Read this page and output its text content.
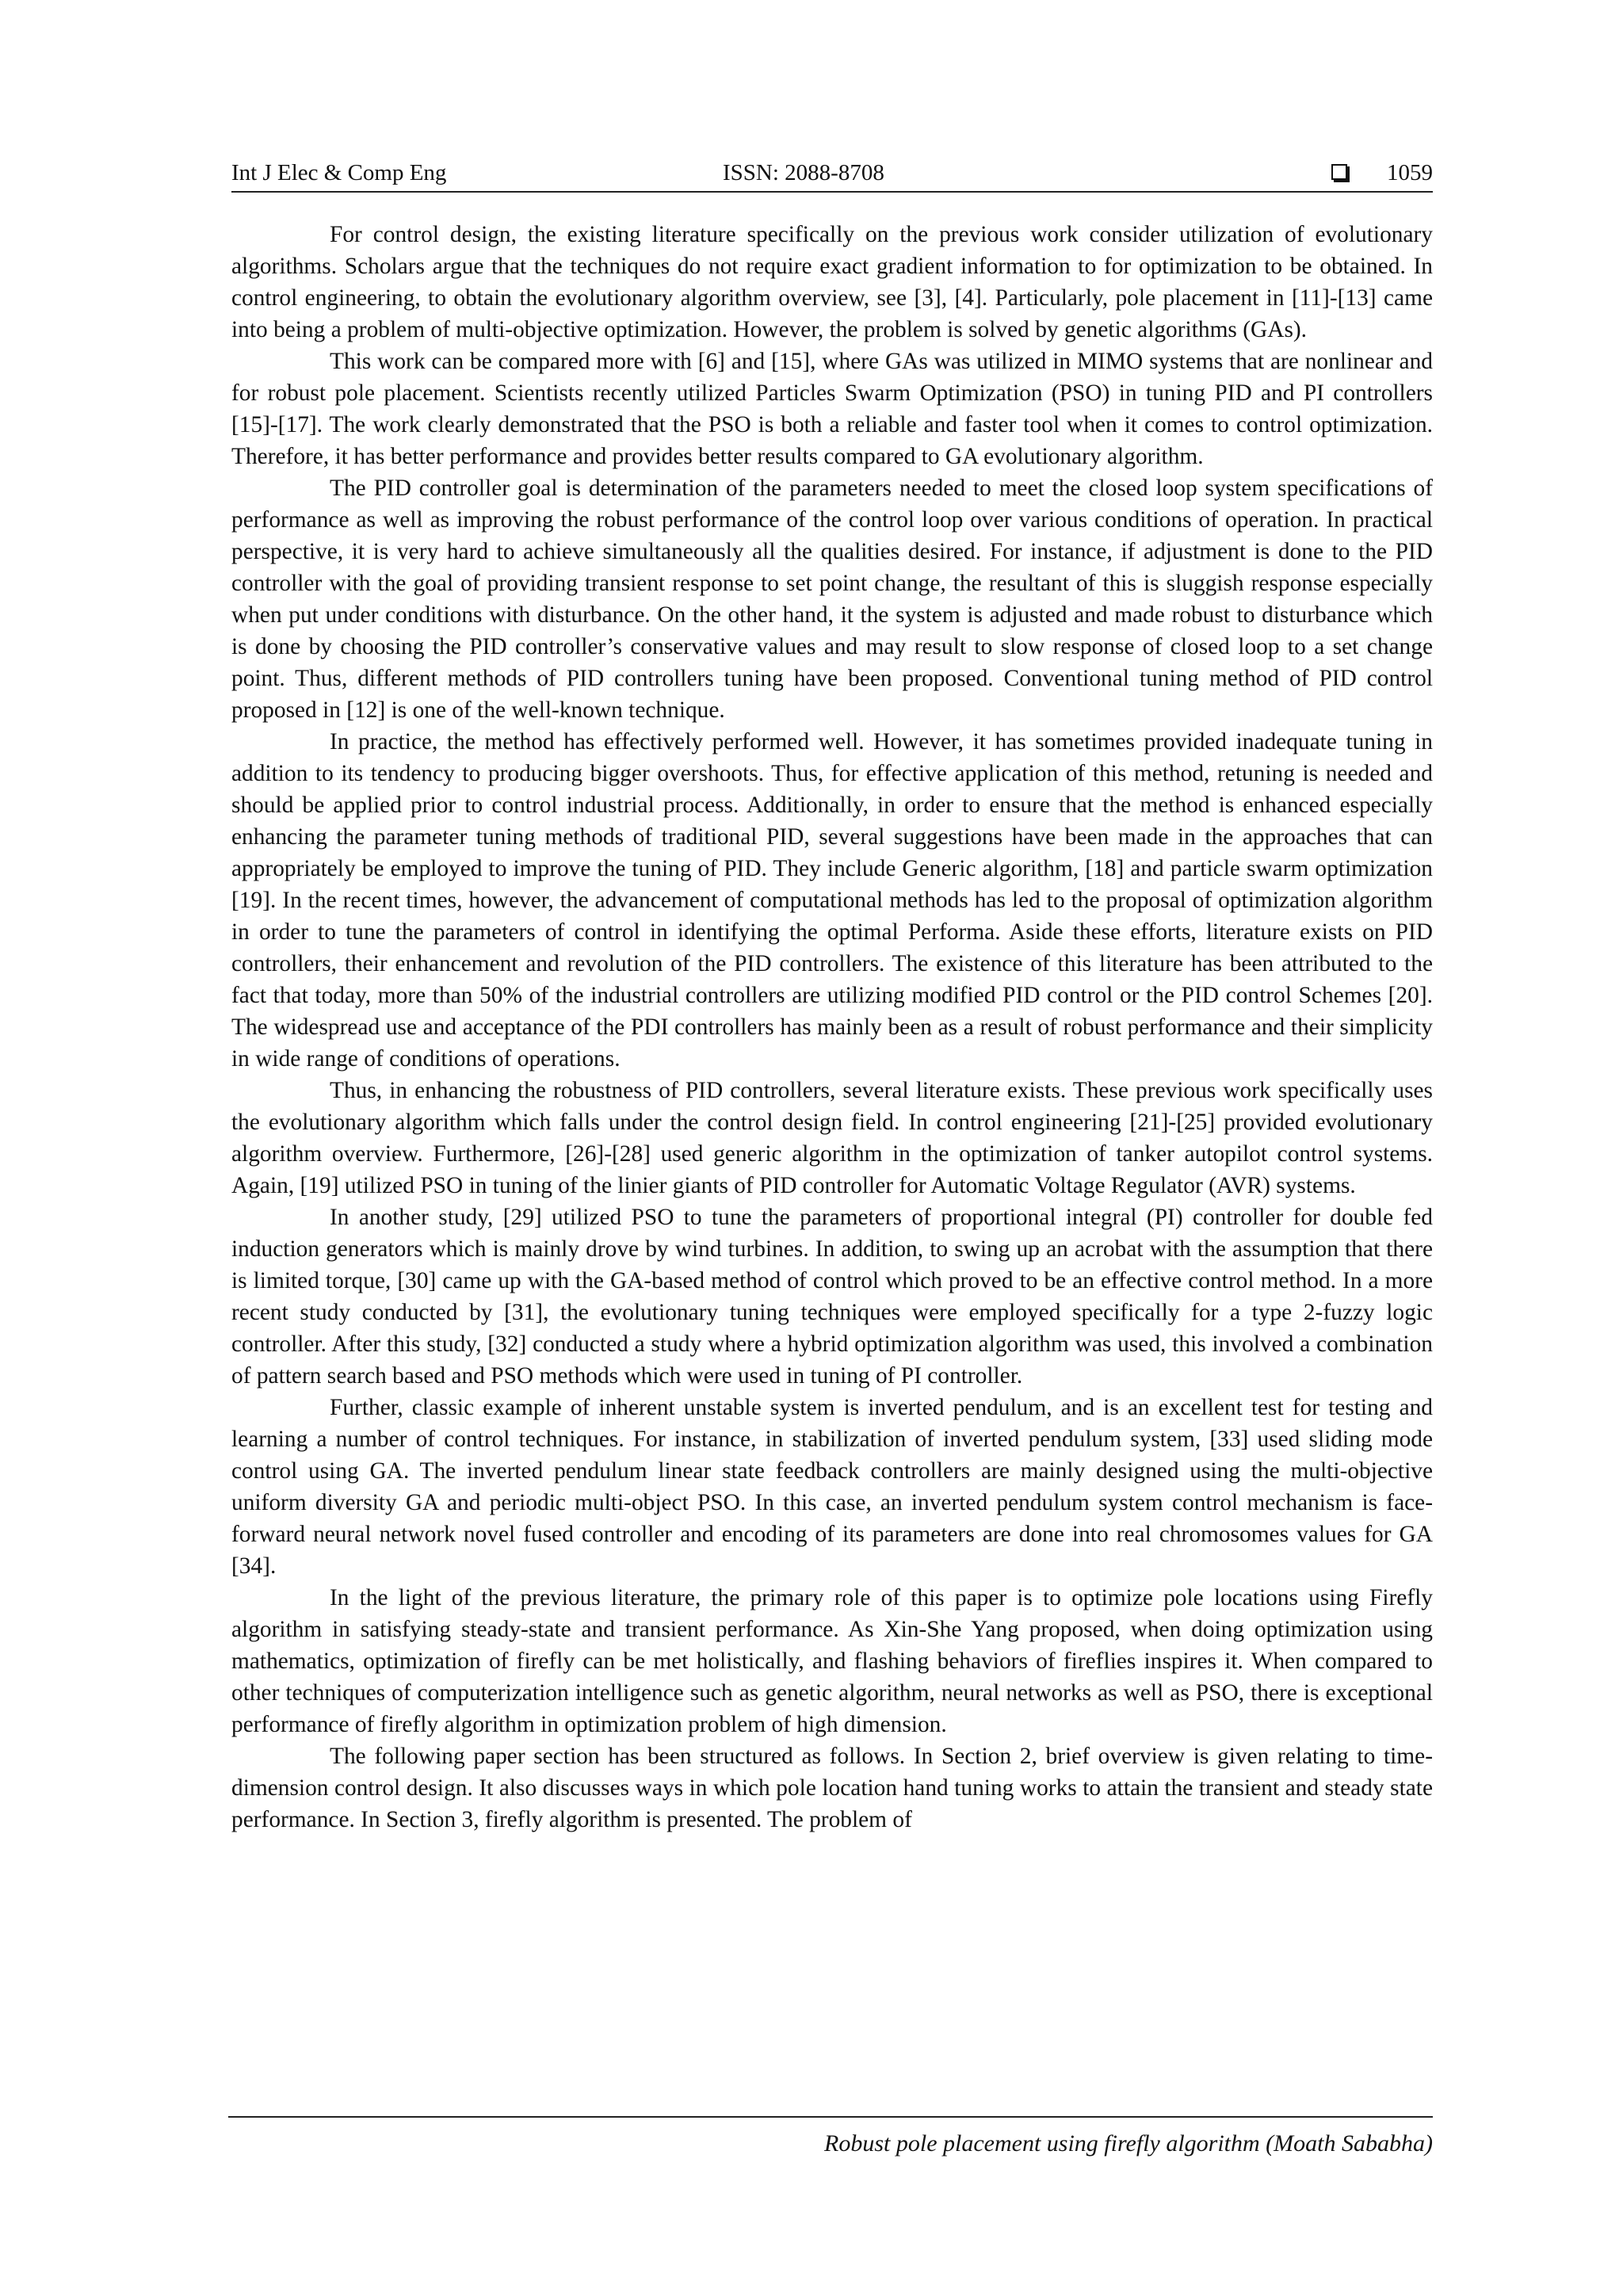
Int J Elec & Comp Eng	ISSN: 2088-8708	1059

For control design, the existing literature specifically on the previous work consider utilization of evolutionary algorithms. Scholars argue that the techniques do not require exact gradient information to for optimization to be obtained. In control engineering, to obtain the evolutionary algorithm overview, see [3], [4]. Particularly, pole placement in [11]-[13] came into being a problem of multi-objective optimization. However, the problem is solved by genetic algorithms (GAs).

This work can be compared more with [6] and [15], where GAs was utilized in MIMO systems that are nonlinear and for robust pole placement. Scientists recently utilized Particles Swarm Optimization (PSO) in tuning PID and PI controllers [15]-[17]. The work clearly demonstrated that the PSO is both a reliable and faster tool when it comes to control optimization. Therefore, it has better performance and provides better results compared to GA evolutionary algorithm.

The PID controller goal is determination of the parameters needed to meet the closed loop system specifications of performance as well as improving the robust performance of the control loop over various conditions of operation. In practical perspective, it is very hard to achieve simultaneously all the qualities desired. For instance, if adjustment is done to the PID controller with the goal of providing transient response to set point change, the resultant of this is sluggish response especially when put under conditions with disturbance. On the other hand, it the system is adjusted and made robust to disturbance which is done by choosing the PID controller’s conservative values and may result to slow response of closed loop to a set change point. Thus, different methods of PID controllers tuning have been proposed. Conventional tuning method of PID control proposed in [12] is one of the well-known technique.

In practice, the method has effectively performed well. However, it has sometimes provided inadequate tuning in addition to its tendency to producing bigger overshoots. Thus, for effective application of this method, retuning is needed and should be applied prior to control industrial process. Additionally, in order to ensure that the method is enhanced especially enhancing the parameter tuning methods of traditional PID, several suggestions have been made in the approaches that can appropriately be employed to improve the tuning of PID. They include Generic algorithm, [18] and particle swarm optimization [19]. In the recent times, however, the advancement of computational methods has led to the proposal of optimization algorithm in order to tune the parameters of control in identifying the optimal Performa. Aside these efforts, literature exists on PID controllers, their enhancement and revolution of the PID controllers. The existence of this literature has been attributed to the fact that today, more than 50% of the industrial controllers are utilizing modified PID control or the PID control Schemes [20]. The widespread use and acceptance of the PDI controllers has mainly been as a result of robust performance and their simplicity in wide range of conditions of operations.

Thus, in enhancing the robustness of PID controllers, several literature exists. These previous work specifically uses the evolutionary algorithm which falls under the control design field. In control engineering [21]-[25] provided evolutionary algorithm overview. Furthermore, [26]-[28] used generic algorithm in the optimization of tanker autopilot control systems. Again, [19] utilized PSO in tuning of the linier giants of PID controller for Automatic Voltage Regulator (AVR) systems.

In another study, [29] utilized PSO to tune the parameters of proportional integral (PI) controller for double fed induction generators which is mainly drove by wind turbines. In addition, to swing up an acrobat with the assumption that there is limited torque, [30] came up with the GA-based method of control which proved to be an effective control method. In a more recent study conducted by [31], the evolutionary tuning techniques were employed specifically for a type 2-fuzzy logic controller. After this study, [32] conducted a study where a hybrid optimization algorithm was used, this involved a combination of pattern search based and PSO methods which were used in tuning of PI controller.

Further, classic example of inherent unstable system is inverted pendulum, and is an excellent test for testing and learning a number of control techniques. For instance, in stabilization of inverted pendulum system, [33] used sliding mode control using GA. The inverted pendulum linear state feedback controllers are mainly designed using the multi-objective uniform diversity GA and periodic multi-object PSO. In this case, an inverted pendulum system control mechanism is face-forward neural network novel fused controller and encoding of its parameters are done into real chromosomes values for GA [34].

In the light of the previous literature, the primary role of this paper is to optimize pole locations using Firefly algorithm in satisfying steady-state and transient performance. As Xin-She Yang proposed, when doing optimization using mathematics, optimization of firefly can be met holistically, and flashing behaviors of fireflies inspires it. When compared to other techniques of computerization intelligence such as genetic algorithm, neural networks as well as PSO, there is exceptional performance of firefly algorithm in optimization problem of high dimension.

The following paper section has been structured as follows. In Section 2, brief overview is given relating to time-dimension control design. It also discusses ways in which pole location hand tuning works to attain the transient and steady state performance. In Section 3, firefly algorithm is presented. The problem of

Robust pole placement using firefly algorithm (Moath Sababha)
